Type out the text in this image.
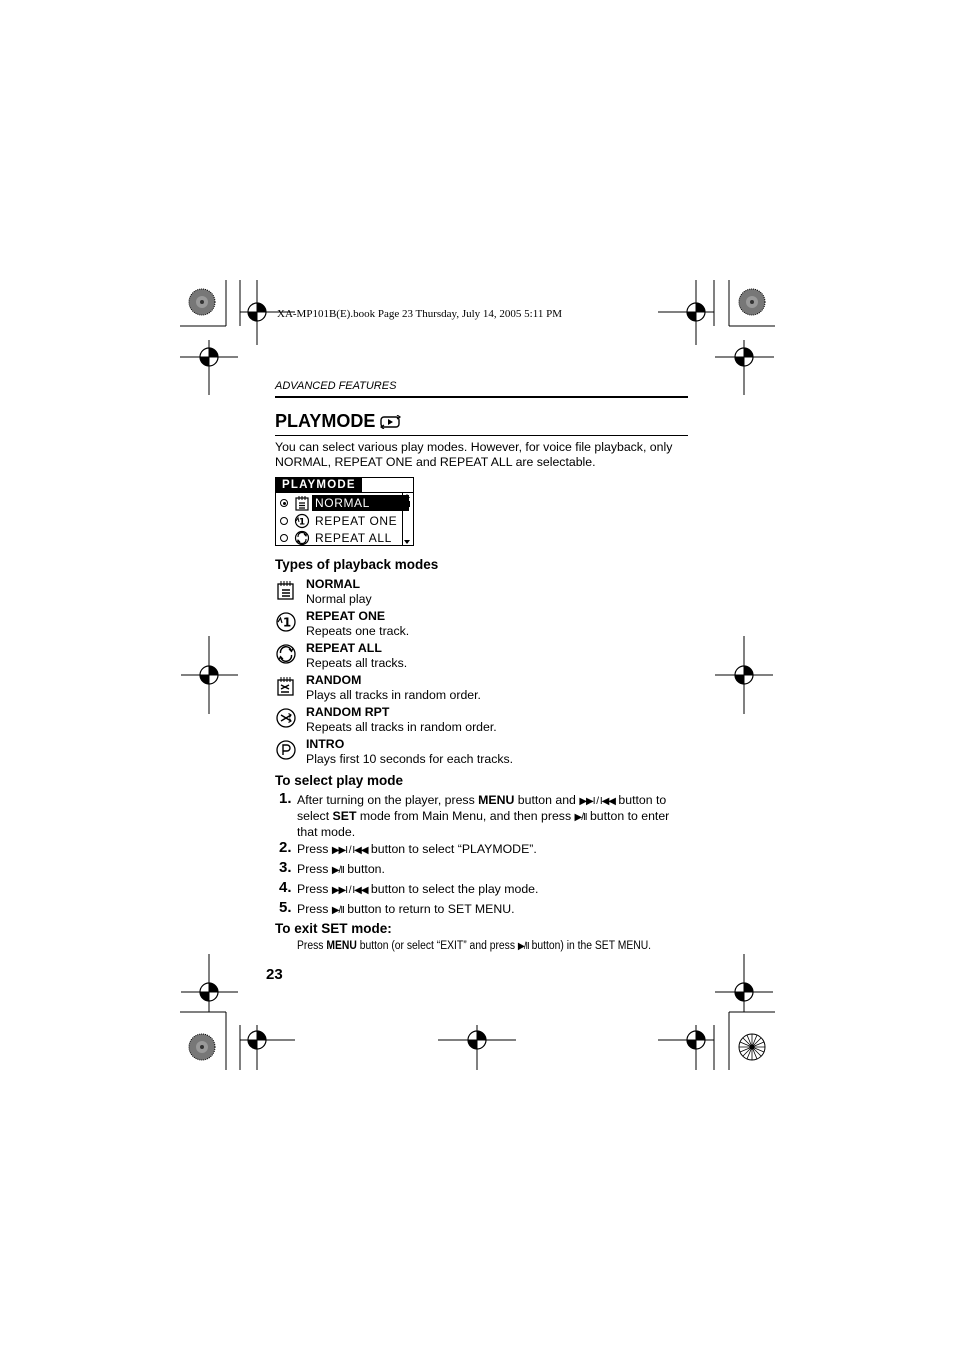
XA-MP101B(E).book Page 23 Thursday, July 14, 2005 5:11 PM
ADVANCED FEATURES
PLAYMODE
You can select various play modes. However, for voice file playback, only NORMAL, REPEAT ONE and REPEAT ALL are selectable.
PLAYMODE
NORMAL
1 REPEAT ONE
REPEAT ALL
Types of playback modes
NORMAL
Normal play
1 REPEAT ONE
Repeats one track.
REPEAT ALL
Repeats all tracks.
RANDOM
Plays all tracks in random order.
RANDOM RPT
Repeats all tracks in random order.
INTRO
Plays first 10 seconds for each tracks.
To select play mode
1. After turning on the player, press MENU button and ▶▶I / I◀◀ button to select SET mode from Main Menu, and then press ▶/II button to enter that mode.
2. Press ▶▶I / I◀◀ button to select “PLAYMODE”.
3. Press ▶/II button.
4. Press ▶▶I / I◀◀ button to select the play mode.
5. Press ▶/II button to return to SET MENU.
To exit SET mode:
Press MENU button (or select “EXIT” and press ▶/II button) in the SET MENU.
23
